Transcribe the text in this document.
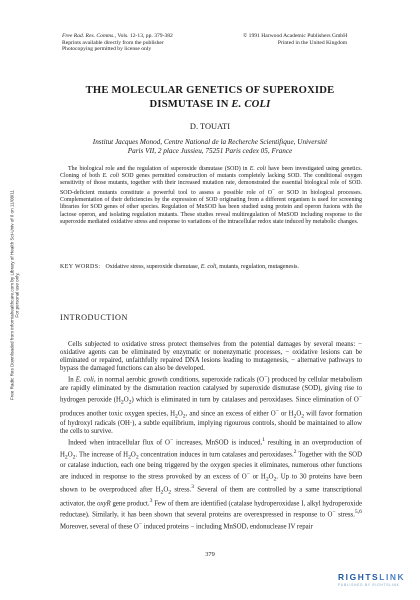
Free Rad. Res. Comms., Vols. 12-13, pp. 379-382
Reprints available directly from the publisher
Photocopying permitted by license only
© 1991 Harwood Academic Publishers GmbH
Printed in the United Kingdom
THE MOLECULAR GENETICS OF SUPEROXIDE
DISMUTASE IN E. COLI
D. TOUATI
Institut Jacques Monod, Centre National de la Recherche Scientifique, Université
Paris VII, 2 place Jussieu, 75251 Paris cedex 05, France
The biological role and the regulation of superoxide dismutase (SOD) in E. coli have been investigated using genetics. Cloning of both E. coli SOD genes permitted construction of mutants completely lacking SOD. The conditional oxygen sensitivity of those mutants, together with their increased mutation rate, demonstrated the essential biological role of SOD. SOD-deficient mutants constitute a powerful tool to assess a possible role of O− or SOD in biological processes. Complementation of their deficiencies by the expression of SOD originating from a different organism is used for screening libraries for SOD genes of other species. Regulation of MnSOD has been studied using protein and operon fusions with the lactose operon, and isolating regulation mutants. These studies reveal multiregulation of MnSOD including response to the superoxide mediated oxidative stress and response to variations of the intracellular redox state induced by metabolic changes.
KEY WORDS: Oxidative stress, superoxide dismutase, E. coli, mutants, regulation, mutagenesis.
INTRODUCTION

Cells subjected to oxidative stress protect themselves from the potential damages by several means: − oxidative agents can be eliminated by enzymatic or nonenzymatic processes, − oxidative lesions can be eliminated or repaired, unfaithfully repaired DNA lesions leading to mutagenesis, − alternative pathways to bypass the damaged functions can also be developed.

In E. coli, in normal aerobic growth conditions, superoxide radicals (O−) produced by cellular metabolism are rapidly eliminated by the dismutation reaction catalysed by superoxide dismutase (SOD), giving rise to hydrogen peroxide $(H_2O_2)$ which is eliminated in turn by catalases and peroxidases. Since elimination of O− produces another toxic oxygen species, $H_2O_2$, and since an excess of either O− or $H_2O_2$ will favor formation of hydroxyl radicals (OH·), a subtle equilibrium, implying rigourous controls, should be maintained to allow the cells to survive.

Indeed when intracellular flux of O− increases, MnSOD is induced,$^1$ resulting in an overproduction of $H_2O_2$. The increase of $H_2O_2$ concentration induces in turn catalases and peroxidases.$^2$ Together with the SOD or catalase induction, each one being triggered by the oxygen species it eliminates, numerous other functions are induced in response to the stress provoked by an excess of O− or $H_2O_2$. Up to 30 proteins have been shown to be overproduced after $H_2O_2$ stress.$^3$ Several of them are controlled by a same transcriptional activator, the oxyR gene product.$^3$ Few of them are identified (catalase hydroperoxidase I, alkyl hydroperoxide reductase). Similarly, it has been shown that several proteins are overexpressed in response to O− stress.$^{5,6}$ Moreover, several of these O− induced proteins − including MnSOD, endonuclease IV repair

379
Free Radic Res Downloaded from informahealthcare.com by Library of Health Sci-Univ of Il on 11/08/11 For personal use only.
RIGHTSLINK
PUBLISHED BY RIGHTSLINK
